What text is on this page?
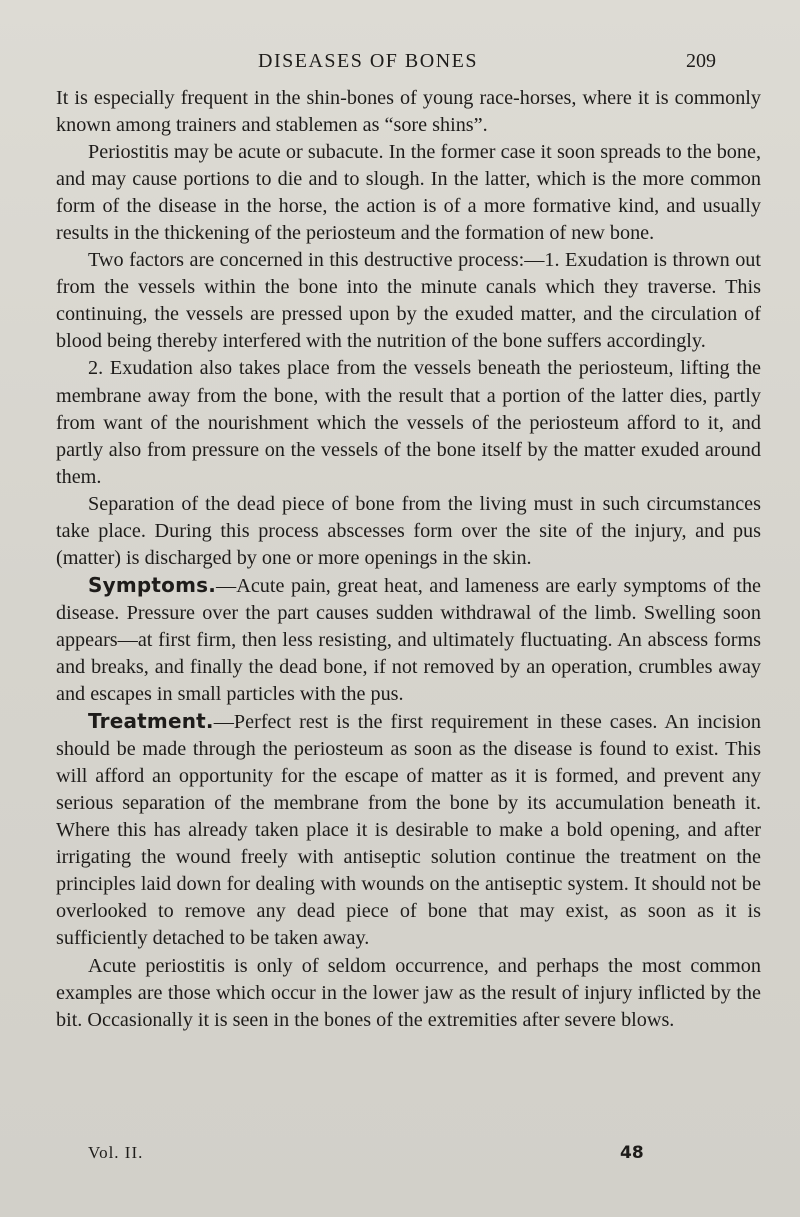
DISEASES OF BONES	209

It is especially frequent in the shin-bones of young race-horses, where it is commonly known among trainers and stablemen as “sore shins”.

Periostitis may be acute or subacute. In the former case it soon spreads to the bone, and may cause portions to die and to slough. In the latter, which is the more common form of the disease in the horse, the action is of a more formative kind, and usually results in the thickening of the periosteum and the formation of new bone.

Two factors are concerned in this destructive process:—1. Exudation is thrown out from the vessels within the bone into the minute canals which they traverse. This continuing, the vessels are pressed upon by the exuded matter, and the circulation of blood being thereby interfered with the nutrition of the bone suffers accordingly.

2. Exudation also takes place from the vessels beneath the periosteum, lifting the membrane away from the bone, with the result that a portion of the latter dies, partly from want of the nourishment which the vessels of the periosteum afford to it, and partly also from pressure on the vessels of the bone itself by the matter exuded around them.

Separation of the dead piece of bone from the living must in such circumstances take place. During this process abscesses form over the site of the injury, and pus (matter) is discharged by one or more openings in the skin.

Symptoms.—Acute pain, great heat, and lameness are early symptoms of the disease. Pressure over the part causes sudden withdrawal of the limb. Swelling soon appears—at first firm, then less resisting, and ultimately fluctuating. An abscess forms and breaks, and finally the dead bone, if not removed by an operation, crumbles away and escapes in small particles with the pus.

Treatment.—Perfect rest is the first requirement in these cases. An incision should be made through the periosteum as soon as the disease is found to exist. This will afford an opportunity for the escape of matter as it is formed, and prevent any serious separation of the membrane from the bone by its accumulation beneath it. Where this has already taken place it is desirable to make a bold opening, and after irrigating the wound freely with antiseptic solution continue the treatment on the principles laid down for dealing with wounds on the antiseptic system. It should not be overlooked to remove any dead piece of bone that may exist, as soon as it is sufficiently detached to be taken away.

Acute periostitis is only of seldom occurrence, and perhaps the most common examples are those which occur in the lower jaw as the result of injury inflicted by the bit. Occasionally it is seen in the bones of the extremities after severe blows.

Vol. II.	48
